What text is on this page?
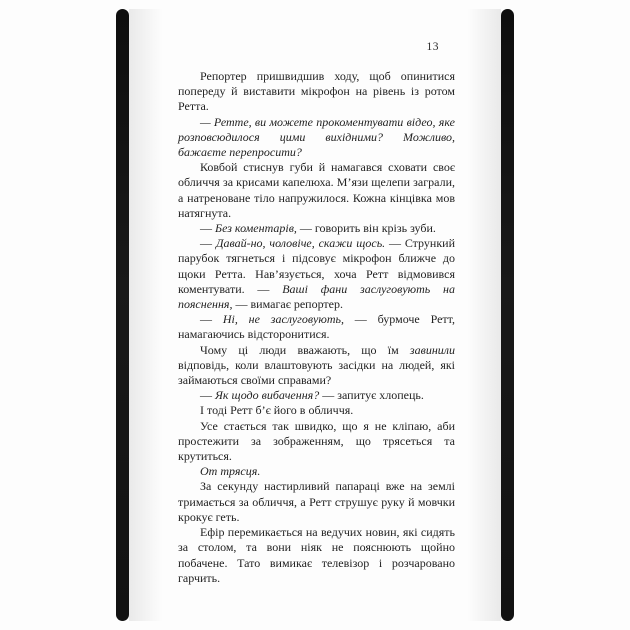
13

Репортер пришвидшив ходу, щоб опинитися попереду й виставити мікрофон на рівень із ротом Ретта.

— Ретте, ви можете прокоментувати відео, яке розповсюдилося цими вихідними? Можливо, бажаєте перепросити?

Ковбой стиснув губи й намагався сховати своє обличчя за крисами капелюха. М’язи щелепи заграли, а натреноване тіло напружилося. Кожна кінцівка мов натягнута.

— Без коментарів, — говорить він крізь зуби.

— Давай-но, чоловіче, скажи щось. — Стрункий парубок тягнеться і підсовує мікрофон ближче до щоки Ретта. Нав’язується, хоча Ретт відмовився коментувати. — Ваші фани заслуговують на пояснення, — вимагає репортер.

— Ні, не заслуговують, — бурмоче Ретт, намагаючись відсторонитися.

Чому ці люди вважають, що їм завинили відповідь, коли влаштовують засідки на людей, які займаються своїми справами?

— Як щодо вибачення? — запитує хлопець.

І тоді Ретт б’є його в обличчя.

Усе стається так швидко, що я не кліпаю, аби простежити за зображенням, що трясеться та крутиться.

От трясця.

За секунду настирливий папараці вже на землі тримається за обличчя, а Ретт струшує руку й мовчки крокує геть.

Ефір перемикається на ведучих новин, які сидять за столом, та вони ніяк не пояснюють щойно побачене. Тато вимикає телевізор і розчаровано гарчить.
